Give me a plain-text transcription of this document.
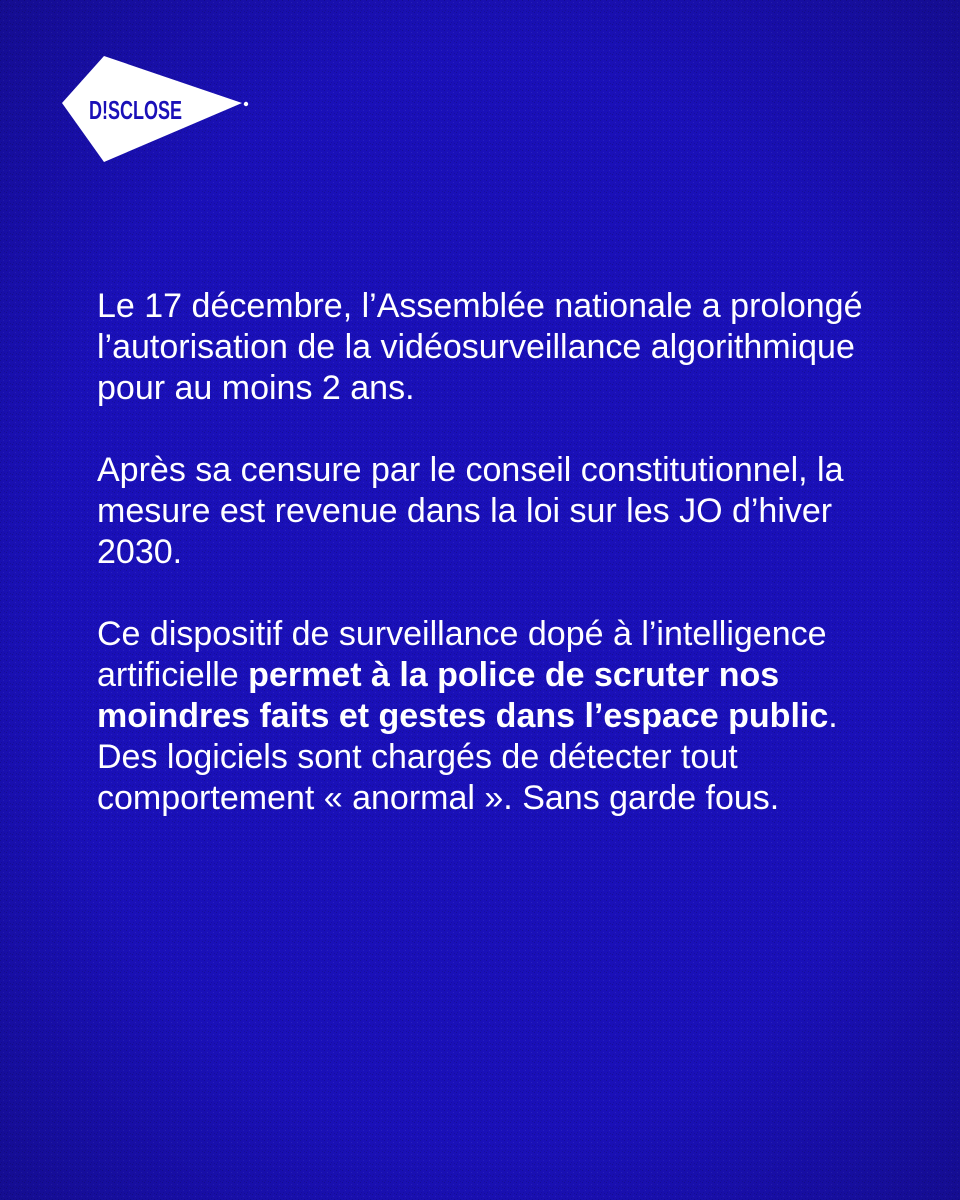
D!SCLOSE

Le 17 décembre, l’Assemblée nationale a prolongé l’autorisation de la vidéosurveillance algorithmique pour au moins 2 ans.

Après sa censure par le conseil constitutionnel, la mesure est revenue dans la loi sur les JO d’hiver 2030.

Ce dispositif de surveillance dopé à l’intelligence artificielle permet à la police de scruter nos moindres faits et gestes dans l’espace public. Des logiciels sont chargés de détecter tout comportement « anormal ». Sans garde fous.
